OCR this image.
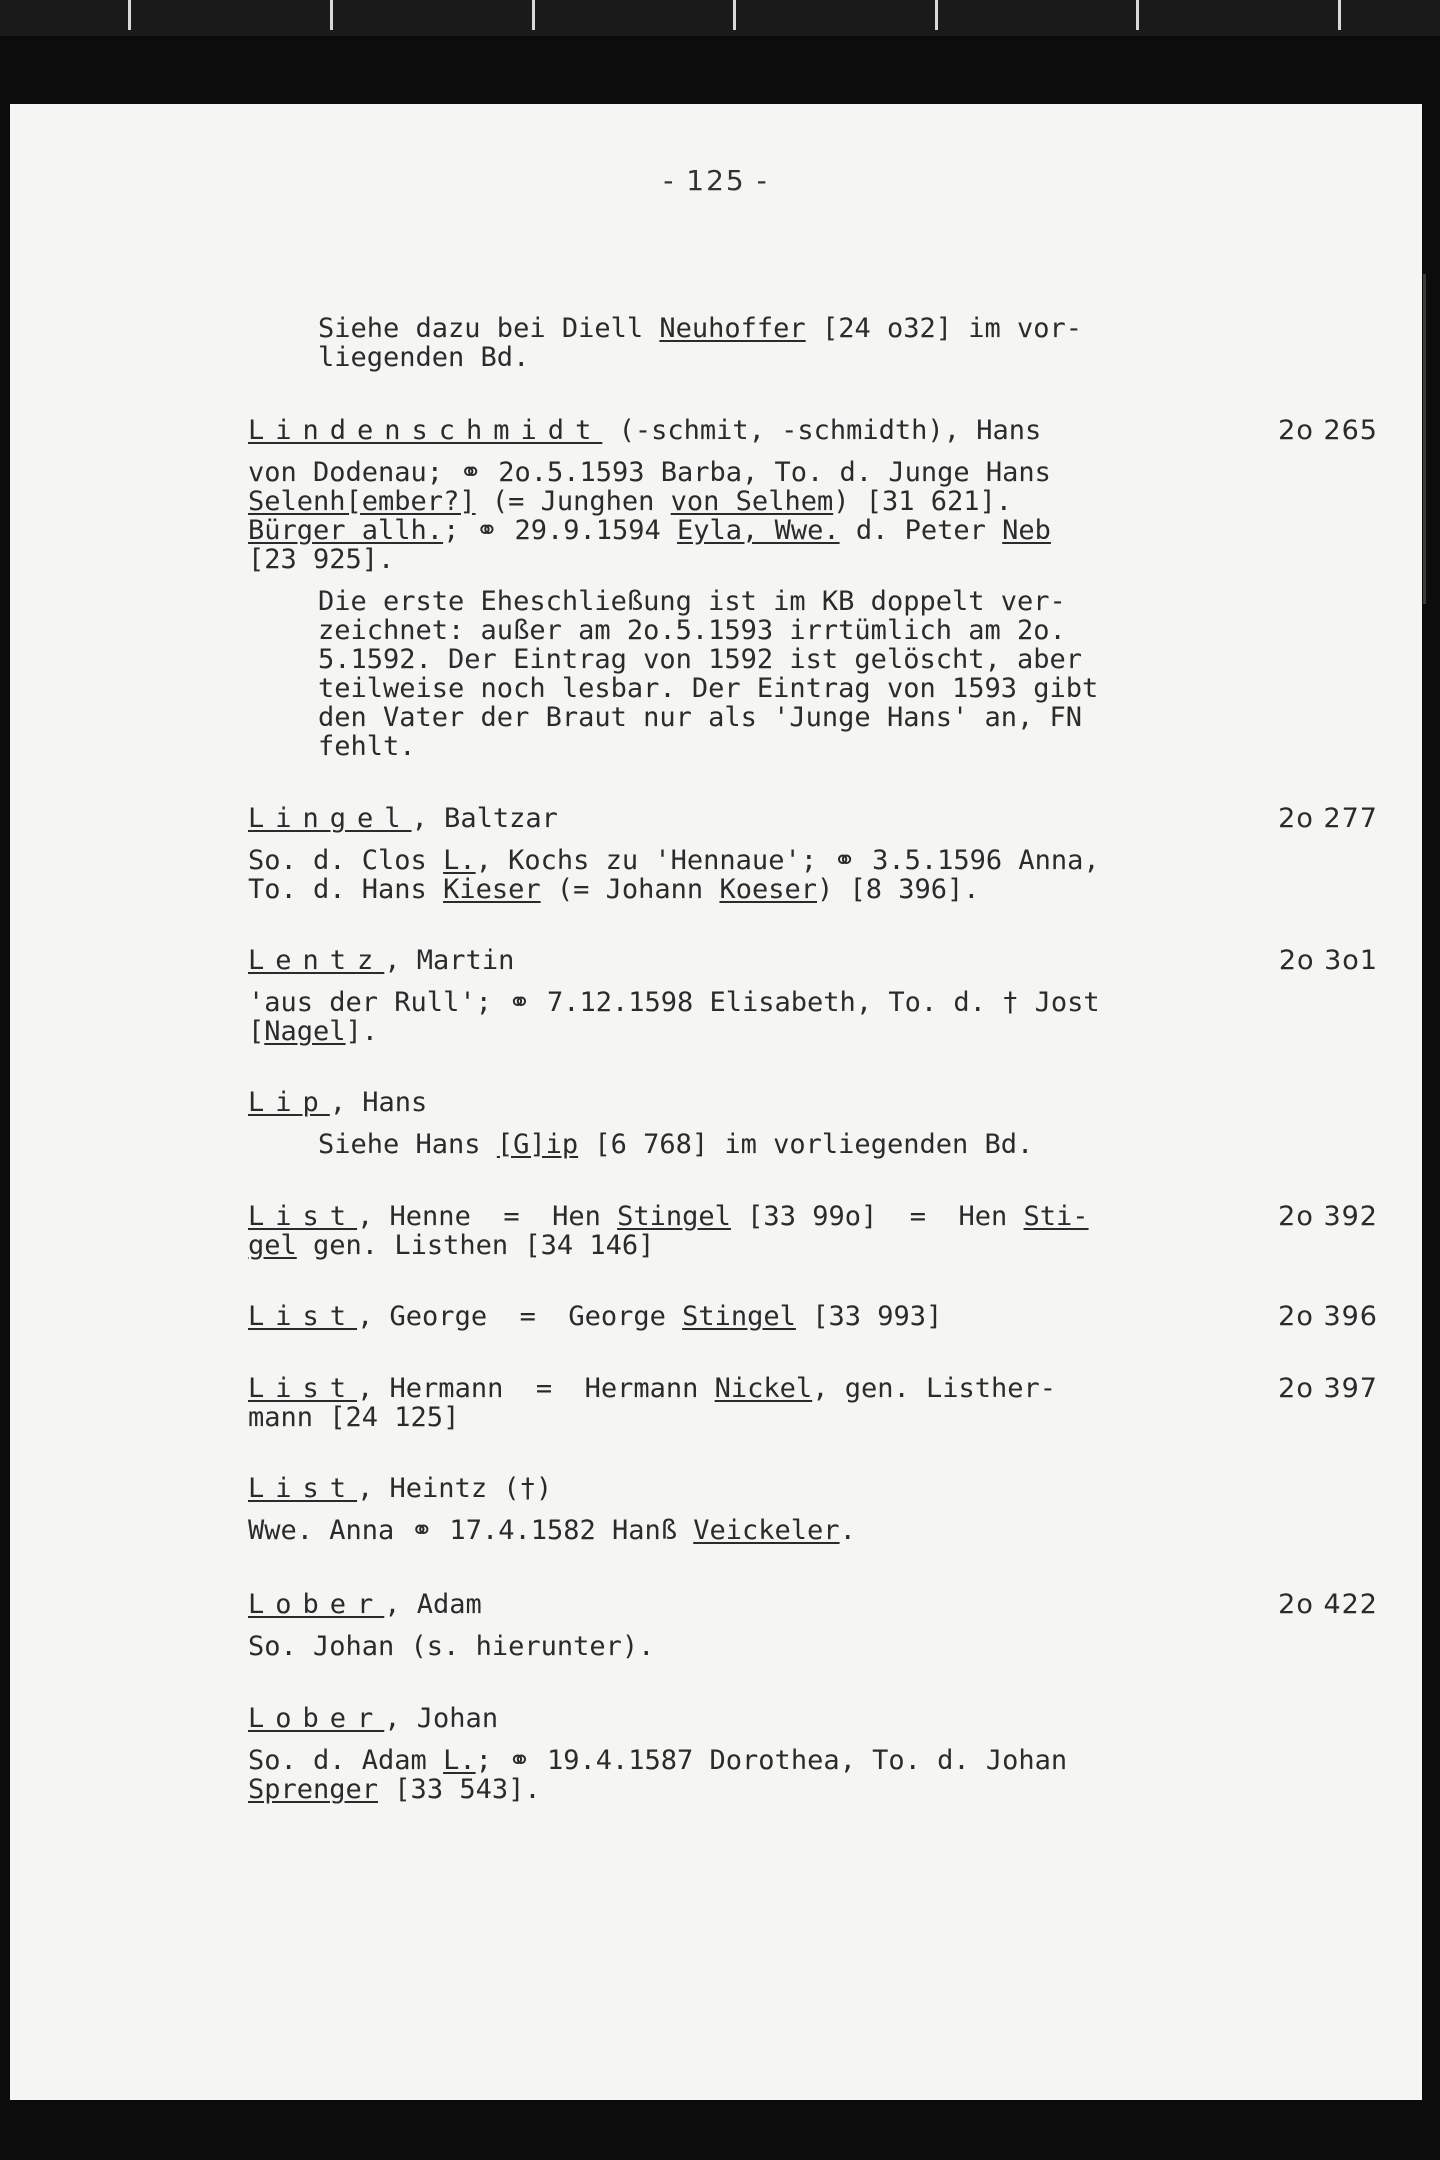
- 125 -
Siehe dazu bei Diell Neuhoffer [24 o32] im vor-
liegenden Bd.
Lindenschmidt (-schmit, -schmidth), Hans	2o 265
von Dodenau; ⚭ 2o.5.1593 Barba, To. d. Junge Hans
Selenh[ember?] (= Junghen von Selhem) [31 621].
Bürger allh.; ⚭ 29.9.1594 Eyla, Wwe. d. Peter Neb
[23 925].
Die erste Eheschließung ist im KB doppelt ver-
zeichnet: außer am 2o.5.1593 irrtümlich am 2o.
5.1592. Der Eintrag von 1592 ist gelöscht, aber
teilweise noch lesbar. Der Eintrag von 1593 gibt
den Vater der Braut nur als 'Junge Hans' an, FN
fehlt.
Lingel, Baltzar	2o 277
So. d. Clos L., Kochs zu 'Hennaue'; ⚭ 3.5.1596 Anna,
To. d. Hans Kieser (= Johann Koeser) [8 396].
Lentz, Martin	2o 3o1
'aus der Rull'; ⚭ 7.12.1598 Elisabeth, To. d. † Jost
[Nagel].
Lip, Hans
Siehe Hans [G]ip [6 768] im vorliegenden Bd.
List, Henne  =  Hen Stingel [33 99o]  =  Hen Sti-	2o 392
gel gen. Listhen [34 146]
List, George  =  George Stingel [33 993]	2o 396
List, Hermann  =  Hermann Nickel, gen. Listher-	2o 397
mann [24 125]
List, Heintz (†)
Wwe. Anna ⚭ 17.4.1582 Hanß Veickeler.
Lober, Adam	2o 422
So. Johan (s. hierunter).
Lober, Johan
So. d. Adam L.; ⚭ 19.4.1587 Dorothea, To. d. Johan
Sprenger [33 543].
